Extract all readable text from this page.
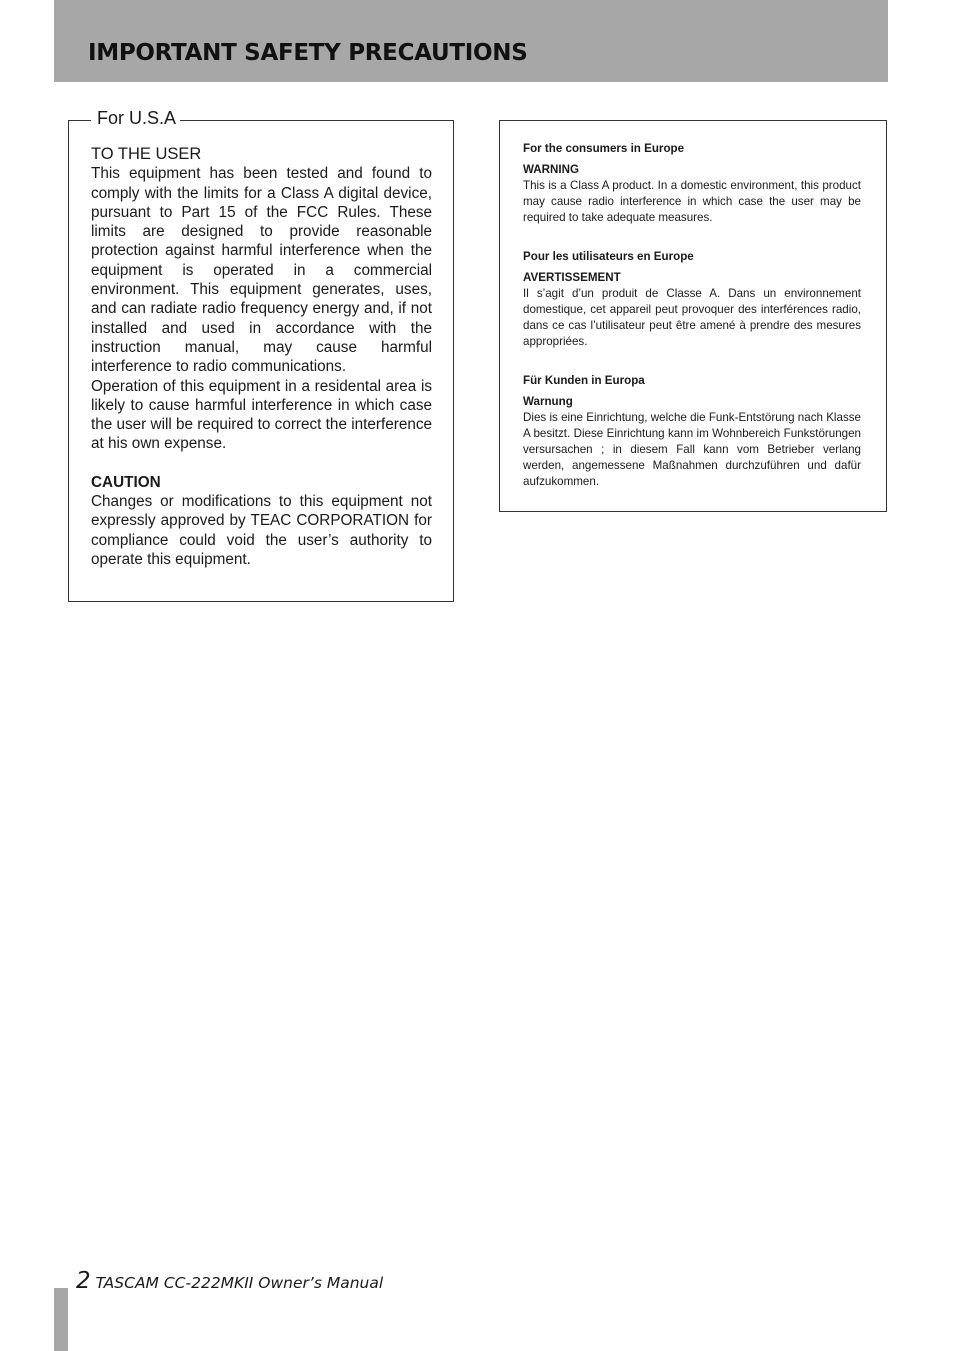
IMPORTANT SAFETY PRECAUTIONS
For U.S.A

TO THE USER

This equipment has been tested and found to comply with the limits for a Class A digital device, pursuant to Part 15 of the FCC Rules. These limits are designed to provide reasonable protection against harmful interference when the equipment is operated in a commercial environment. This equipment generates, uses, and can radiate radio frequency energy and, if not installed and used in accordance with the instruction manual, may cause harmful interference to radio communications.

Operation of this equipment in a residental area is likely to cause harmful interference in which case the user will be required to correct the interference at his own expense.

CAUTION

Changes or modifications to this equipment not expressly approved by TEAC CORPORATION for compliance could void the user’s authority to operate this equipment.

For the consumers in Europe

WARNING

This is a Class A product. In a domestic environment, this product may cause radio interference in which case the user may be required to take adequate measures.

Pour les utilisateurs en Europe

AVERTISSEMENT

Il s’agit d’un produit de Classe A. Dans un environnement domestique, cet appareil peut provoquer des interférences radio, dans ce cas l’utilisateur peut être amené à prendre des mesures appropriées.

Für Kunden in Europa

Warnung

Dies is eine Einrichtung, welche die Funk-Entstörung nach Klasse A besitzt. Diese Einrichtung kann im Wohnbereich Funkstörungen versursachen ; in diesem Fall kann vom Betrieber verlang werden, angemessene Maßnahmen durchzuführen und dafür aufzukommen.

2 TASCAM CC-222MKII Owner’s Manual
